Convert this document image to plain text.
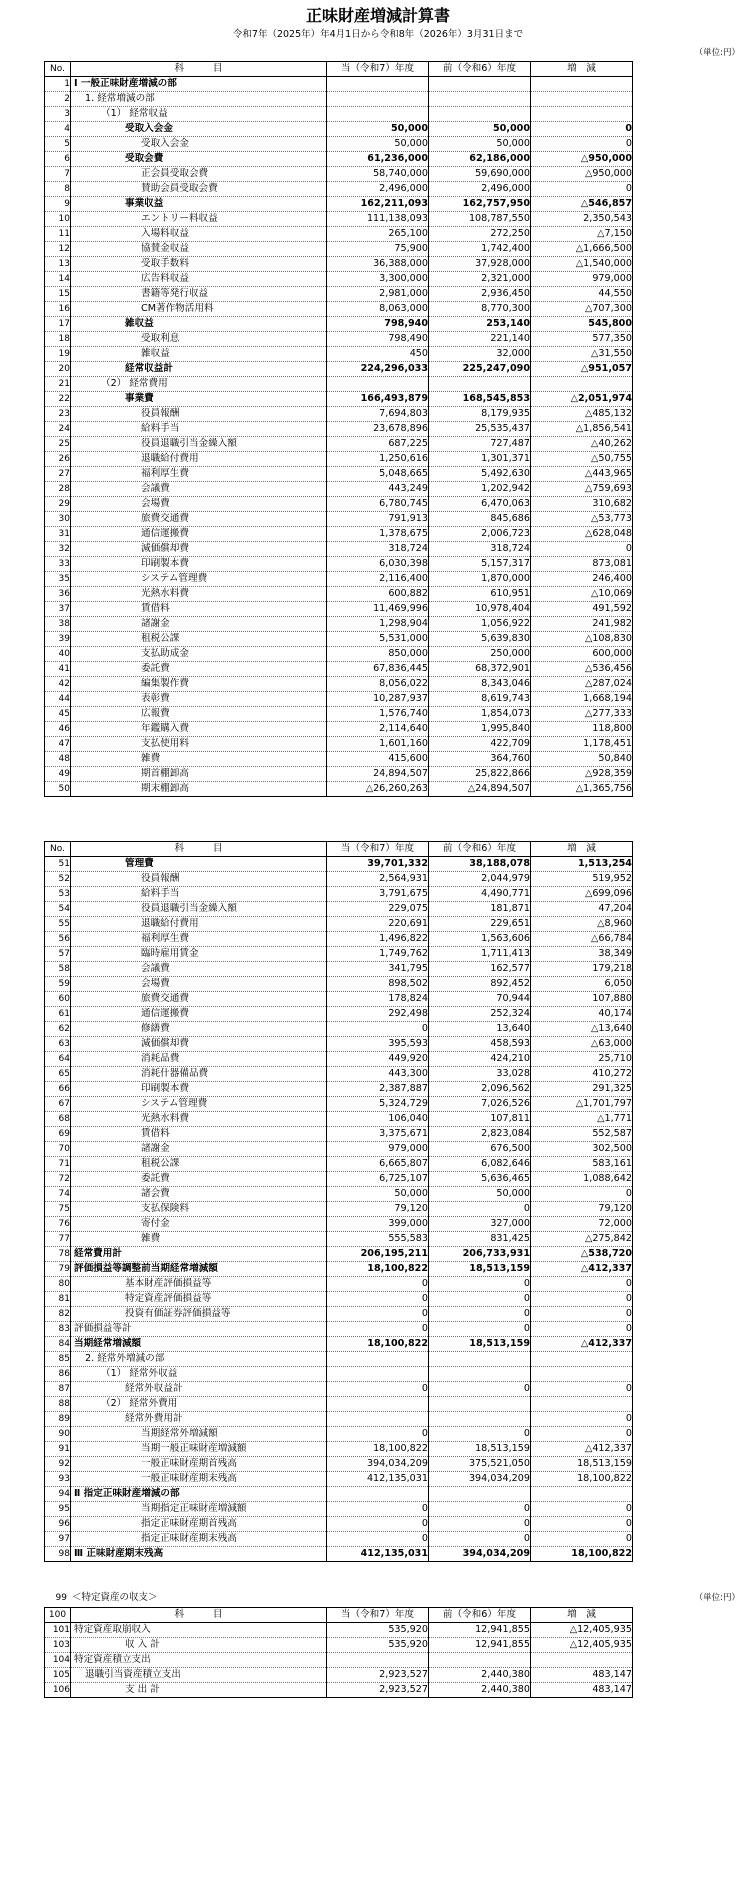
正味財産増減計算書
令和7年（2025年）年4月1日から令和8年（2026年）3月31日まで
（単位:円）
No.	科　　　目	当（令和7）年度	前（令和6）年度	増　減
1	Ⅰ 一般正味財産増減の部			
2	1. 経常増減の部			
3	（1） 経常収益			
4	受取入会金	50,000	50,000	0
5	受取入会金	50,000	50,000	0
6	受取会費	61,236,000	62,186,000	△950,000
7	正会員受取会費	58,740,000	59,690,000	△950,000
8	賛助会員受取会費	2,496,000	2,496,000	0
9	事業収益	162,211,093	162,757,950	△546,857
10	エントリー料収益	111,138,093	108,787,550	2,350,543
11	入場料収益	265,100	272,250	△7,150
12	協賛金収益	75,900	1,742,400	△1,666,500
13	受取手数料	36,388,000	37,928,000	△1,540,000
14	広告料収益	3,300,000	2,321,000	979,000
15	書籍等発行収益	2,981,000	2,936,450	44,550
16	CM著作物活用料	8,063,000	8,770,300	△707,300
17	雑収益	798,940	253,140	545,800
18	受取利息	798,490	221,140	577,350
19	雑収益	450	32,000	△31,550
20	経常収益計	224,296,033	225,247,090	△951,057
21	（2） 経常費用			
22	事業費	166,493,879	168,545,853	△2,051,974
23	役員報酬	7,694,803	8,179,935	△485,132
24	給料手当	23,678,896	25,535,437	△1,856,541
25	役員退職引当金繰入額	687,225	727,487	△40,262
26	退職給付費用	1,250,616	1,301,371	△50,755
27	福利厚生費	5,048,665	5,492,630	△443,965
28	会議費	443,249	1,202,942	△759,693
29	会場費	6,780,745	6,470,063	310,682
30	旅費交通費	791,913	845,686	△53,773
31	通信運搬費	1,378,675	2,006,723	△628,048
32	減価償却費	318,724	318,724	0
33	印刷製本費	6,030,398	5,157,317	873,081
35	システム管理費	2,116,400	1,870,000	246,400
36	光熱水料費	600,882	610,951	△10,069
37	賃借料	11,469,996	10,978,404	491,592
38	諸謝金	1,298,904	1,056,922	241,982
39	租税公課	5,531,000	5,639,830	△108,830
40	支払助成金	850,000	250,000	600,000
41	委託費	67,836,445	68,372,901	△536,456
42	編集製作費	8,056,022	8,343,046	△287,024
44	表彰費	10,287,937	8,619,743	1,668,194
45	広報費	1,576,740	1,854,073	△277,333
46	年鑑購入費	2,114,640	1,995,840	118,800
47	支払使用料	1,601,160	422,709	1,178,451
48	雑費	415,600	364,760	50,840
49	期首棚卸高	24,894,507	25,822,866	△928,359
50	期末棚卸高	△26,260,263	△24,894,507	△1,365,756
No.	科　　　目	当（令和7）年度	前（令和6）年度	増　減
51	管理費	39,701,332	38,188,078	1,513,254
52	役員報酬	2,564,931	2,044,979	519,952
53	給料手当	3,791,675	4,490,771	△699,096
54	役員退職引当金繰入額	229,075	181,871	47,204
55	退職給付費用	220,691	229,651	△8,960
56	福利厚生費	1,496,822	1,563,606	△66,784
57	臨時雇用賃金	1,749,762	1,711,413	38,349
58	会議費	341,795	162,577	179,218
59	会場費	898,502	892,452	6,050
60	旅費交通費	178,824	70,944	107,880
61	通信運搬費	292,498	252,324	40,174
62	修繕費	0	13,640	△13,640
63	減価償却費	395,593	458,593	△63,000
64	消耗品費	449,920	424,210	25,710
65	消耗什器備品費	443,300	33,028	410,272
66	印刷製本費	2,387,887	2,096,562	291,325
67	システム管理費	5,324,729	7,026,526	△1,701,797
68	光熱水料費	106,040	107,811	△1,771
69	賃借料	3,375,671	2,823,084	552,587
70	諸謝金	979,000	676,500	302,500
71	租税公課	6,665,807	6,082,646	583,161
72	委託費	6,725,107	5,636,465	1,088,642
74	諸会費	50,000	50,000	0
75	支払保険料	79,120	0	79,120
76	寄付金	399,000	327,000	72,000
77	雑費	555,583	831,425	△275,842
78	経常費用計	206,195,211	206,733,931	△538,720
79	評価損益等調整前当期経常増減額	18,100,822	18,513,159	△412,337
80	基本財産評価損益等	0	0	0
81	特定資産評価損益等	0	0	0
82	投資有価証券評価損益等	0	0	0
83	評価損益等計	0	0	0
84	当期経常増減額	18,100,822	18,513,159	△412,337
85	2. 経常外増減の部			
86	（1） 経常外収益			
87	経常外収益計	0	0	0
88	（2） 経常外費用			
89	経常外費用計			0
90	当期経常外増減額	0	0	0
91	当期一般正味財産増減額	18,100,822	18,513,159	△412,337
92	一般正味財産期首残高	394,034,209	375,521,050	18,513,159
93	一般正味財産期末残高	412,135,031	394,034,209	18,100,822
94	Ⅱ 指定正味財産増減の部			
95	当期指定正味財産増減額	0	0	0
96	指定正味財産期首残高	0	0	0
97	指定正味財産期末残高	0	0	0
98	Ⅲ 正味財産期末残高	412,135,031	394,034,209	18,100,822
99 ＜特定資産の収支＞	（単位:円）
100	科　　　目	当（令和7）年度	前（令和6）年度	増　減
101	特定資産取崩収入	535,920	12,941,855	△12,405,935
103	収 入 計	535,920	12,941,855	△12,405,935
104	特定資産積立支出			
105	退職引当資産積立支出	2,923,527	2,440,380	483,147
106	支 出 計	2,923,527	2,440,380	483,147
